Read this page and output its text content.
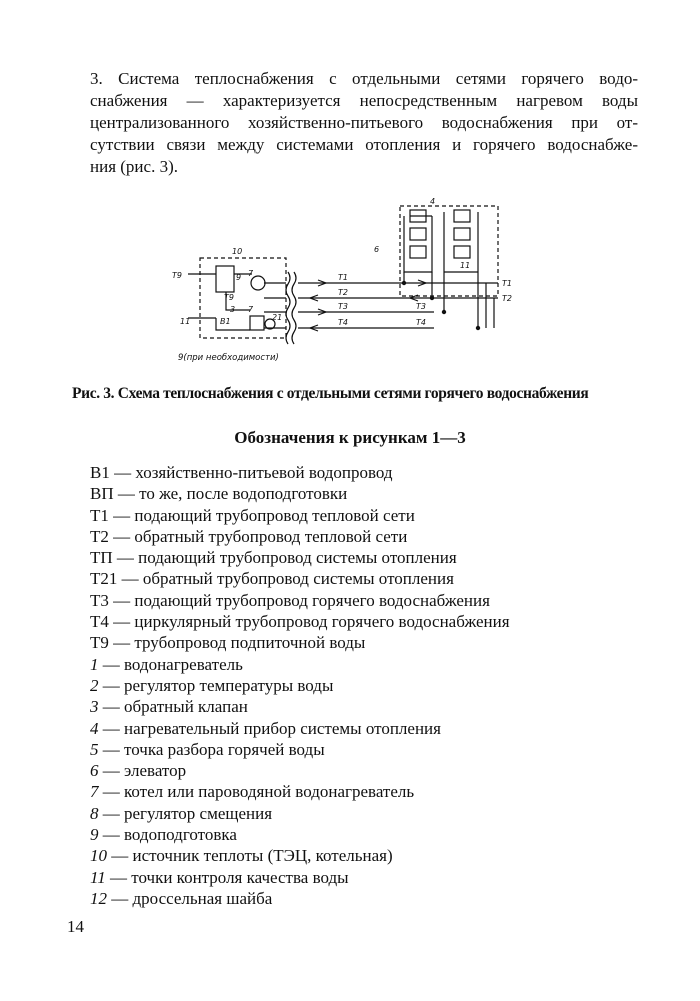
3. Система теплоснабжения с отдельными сетями горячего водо-
снабжения — характеризуется непосредственным нагревом воды
централизованного хозяйственно-питьевого водоснабжения при от-
сутствии связи между системами отопления и горячего водоснабже-
ния (рис. 3).
10
Т9	9 7
Т9
3 7
11	В1	21
6
4
11
Т1
Т2
Т3
Т4
Т3
Т4
Т1
Т2
9(при необходимости)
Рис. 3. Схема теплоснабжения с отдельными сетями горячего водоснабжения
Обозначения к рисункам 1—3
В1 — хозяйственно-питьевой водопровод
ВП — то же, после водоподготовки
Т1 — подающий трубопровод тепловой сети
Т2 — обратный трубопровод тепловой сети
ТП — подающий трубопровод системы отопления
Т21 — обратный трубопровод системы отопления
Т3 — подающий трубопровод горячего водоснабжения
Т4 — циркулярный трубопровод горячего водоснабжения
Т9 — трубопровод подпиточной воды
1 — водонагреватель
2 — регулятор температуры воды
3 — обратный клапан
4 — нагревательный прибор системы отопления
5 — точка разбора горячей воды
6 — элеватор
7 — котел или пароводяной водонагреватель
8 — регулятор смещения
9 — водоподготовка
10 — источник теплоты (ТЭЦ, котельная)
11 — точки контроля качества воды
12 — дроссельная шайба
14
